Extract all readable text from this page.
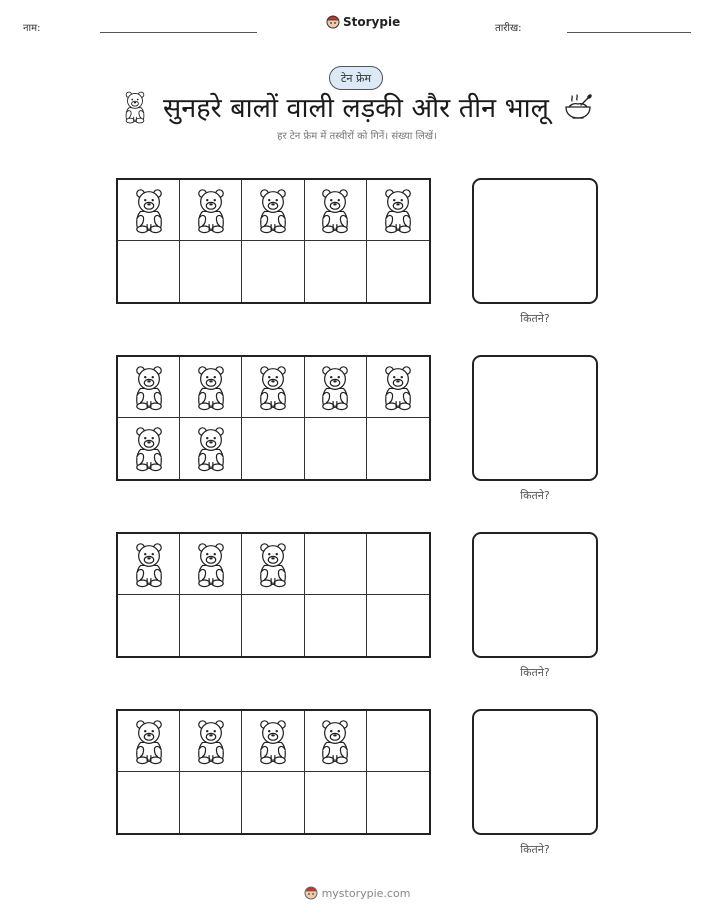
नाम:	Storypie	तारीख:
टेन फ्रेम
सुनहरे बालों वाली लड़की और तीन भालू
हर टेन फ्रेम में तस्वीरों को गिनें। संख्या लिखें।
कितने?
कितने?
कितने?
कितने?
mystorypie.com
